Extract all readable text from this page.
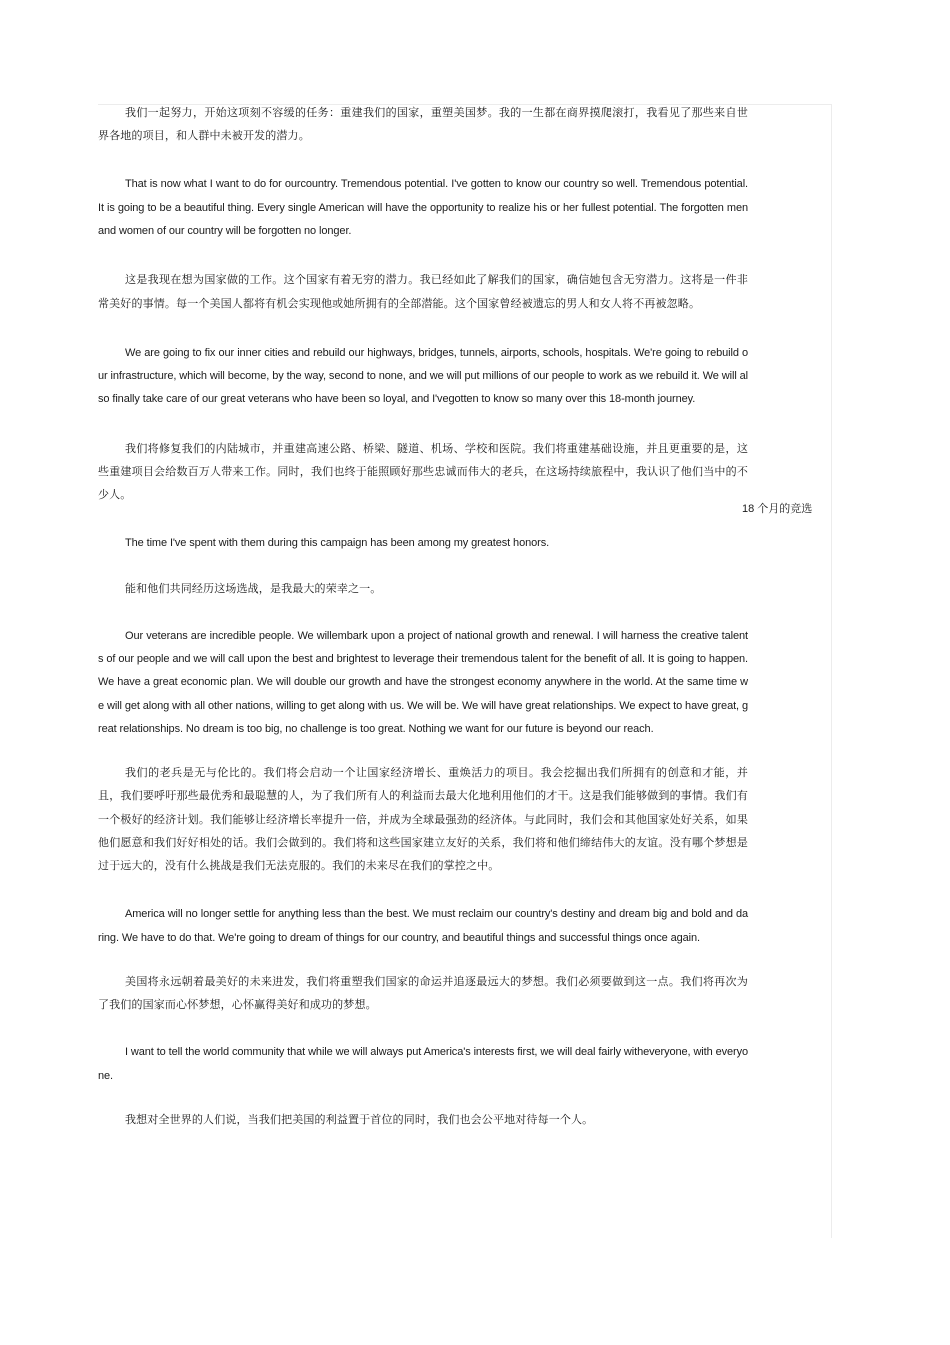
18 个月的竞选

我们一起努力，开始这项刻不容缓的任务：重建我们的国家，重塑美国梦。我的一生都在商界摸爬滚打，我看见了那些来自世界各地的项目，和人群中未被开发的潜力。

That is now what I want to do for ourcountry. Tremendous potential. I've gotten to know our country so well. Tremendous potential. It is going to be a beautiful thing. Every single American will have the opportunity to realize his or her fullest potential. The forgotten men and women of our country will be forgotten no longer.

这是我现在想为国家做的工作。这个国家有着无穷的潜力。我已经如此了解我们的国家，确信她包含无穷潜力。这将是一件非常美好的事情。每一个美国人都将有机会实现他或她所拥有的全部潜能。这个国家曾经被遗忘的男人和女人将不再被忽略。

We are going to fix our inner cities and rebuild our highways, bridges, tunnels, airports, schools, hospitals. We're going to rebuild our infrastructure, which will become, by the way, second to none, and we will put millions of our people to work as we rebuild it. We will also finally take care of our great veterans who have been so loyal, and I'vegotten to know so many over this 18-month journey.

我们将修复我们的内陆城市，并重建高速公路、桥梁、隧道、机场、学校和医院。我们将重建基础设施，并且更重要的是，这些重建项目会给数百万人带来工作。同时，我们也终于能照顾好那些忠诚而伟大的老兵，在这场持续旅程中，我认识了他们当中的不少人。

The time I've spent with them during this campaign has been among my greatest honors.

能和他们共同经历这场选战，是我最大的荣幸之一。

Our veterans are incredible people. We willembark upon a project of national growth and renewal. I will harness the creative talents of our people and we will call upon the best and brightest to leverage their tremendous talent for the benefit of all. It is going to happen. We have a great economic plan. We will double our growth and have the strongest economy anywhere in the world. At the same time we will get along with all other nations, willing to get along with us. We will be. We will have great relationships. We expect to have great, great relationships. No dream is too big, no challenge is too great. Nothing we want for our future is beyond our reach.

我们的老兵是无与伦比的。我们将会启动一个让国家经济增长、重焕活力的项目。我会挖掘出我们所拥有的创意和才能，并且，我们要呼吁那些最优秀和最聪慧的人，为了我们所有人的利益而去最大化地利用他们的才干。这是我们能够做到的事情。我们有一个极好的经济计划。我们能够让经济增长率提升一倍，并成为全球最强劲的经济体。与此同时，我们会和其他国家处好关系，如果他们愿意和我们好好相处的话。我们会做到的。我们将和这些国家建立友好的关系，我们将和他们缔结伟大的友谊。没有哪个梦想是过于远大的，没有什么挑战是我们无法克服的。我们的未来尽在我们的掌控之中。

America will no longer settle for anything less than the best. We must reclaim our country's destiny and dream big and bold and daring. We have to do that. We're going to dream of things for our country, and beautiful things and successful things once again.

美国将永远朝着最美好的未来进发，我们将重塑我们国家的命运并追逐最远大的梦想。我们必须要做到这一点。我们将再次为了我们的国家而心怀梦想，心怀赢得美好和成功的梦想。

I want to tell the world community that while we will always put America's interests first, we will deal fairly witheveryone, with everyone.

我想对全世界的人们说，当我们把美国的利益置于首位的同时，我们也会公平地对待每一个人。
